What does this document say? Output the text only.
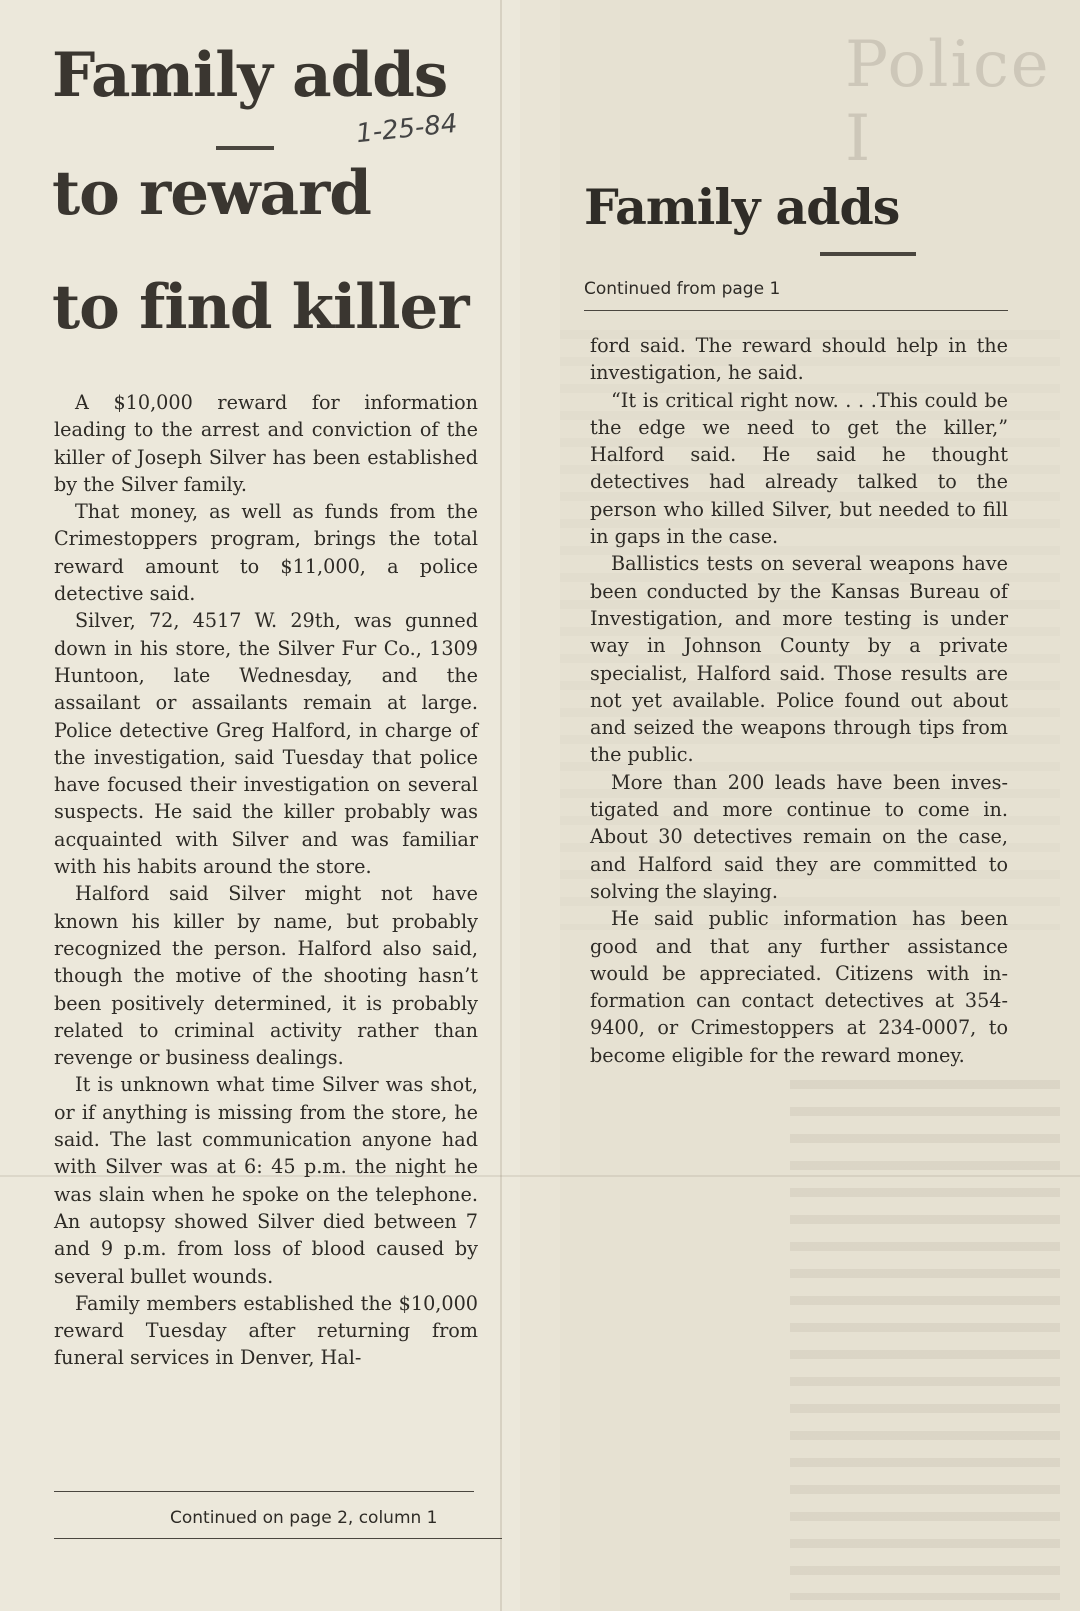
Police I
Family adds
to reward
to find killer
1-25-84

A $10,000 reward for information leading to the arrest and conviction of the killer of Joseph Silver has been established by the Silver family.

That money, as well as funds from the Crimestoppers program, brings the total reward amount to $11,000, a police detective said.

Silver, 72, 4517 W. 29th, was gunned down in his store, the Silver Fur Co., 1309 Huntoon, late Wednesday, and the assailant or assailants remain at large. Police detective Greg Halford, in charge of the investigation, said Tuesday that police have focused their investigation on several suspects. He said the killer probably was acquainted with Silver and was familiar with his habits around the store.

Halford said Silver might not have known his killer by name, but probably recognized the person. Halford also said, though the motive of the shooting hasn’t been positively determined, it is probably related to criminal activity rather than revenge or business dealings.

It is unknown what time Silver was shot, or if anything is missing from the store, he said. The last communication anyone had with Silver was at 6: 45 p.m. the night he was slain when he spoke on the telephone. An autopsy showed Silver died between 7 and 9 p.m. from loss of blood caused by several bullet wounds.

Family members established the $10,000 reward Tuesday after returning from funeral services in Denver, Hal-

Continued on page 2, column 1
Family adds
Continued from page 1

ford said. The reward should help in the investigation, he said.

“It is critical right now. . . .This could be the edge we need to get the killer,” Halford said. He said he thought detectives had already talked to the person who killed Silver, but needed to fill in gaps in the case.

Ballistics tests on several weapons have been conducted by the Kansas Bureau of Investigation, and more testing is under way in Johnson County by a private specialist, Halford said. Those results are not yet available. Police found out about and seized the weapons through tips from the public.

More than 200 leads have been investigated and more continue to come in. About 30 detectives remain on the case, and Halford said they are committed to solving the slaying.

He said public information has been good and that any further assistance would be appreciated. Citizens with information can contact detectives at 354-9400, or Crimestoppers at 234-0007, to become eligible for the reward money.
